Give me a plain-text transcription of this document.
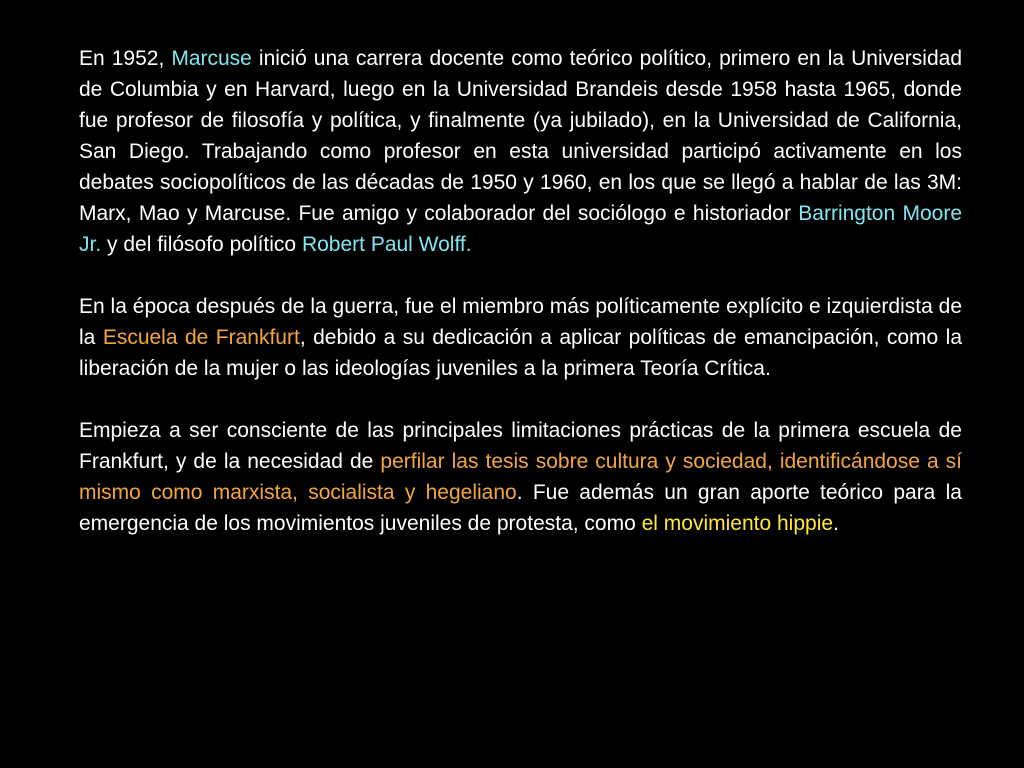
En 1952, Marcuse inició una carrera docente como teórico político, primero en la Universidad de Columbia y en Harvard, luego en la Universidad Brandeis desde 1958 hasta 1965, donde fue profesor de filosofía y política, y finalmente (ya jubilado), en la Universidad de California, San Diego. Trabajando como profesor en esta universidad participó activamente en los debates sociopolíticos de las décadas de 1950 y 1960, en los que se llegó a hablar de las 3M: Marx, Mao y Marcuse. Fue amigo y colaborador del sociólogo e historiador Barrington Moore Jr. y del filósofo político Robert Paul Wolff.

En la época después de la guerra, fue el miembro más políticamente explícito e izquierdista de la Escuela de Frankfurt, debido a su dedicación a aplicar políticas de emancipación, como la liberación de la mujer o las ideologías juveniles a la primera Teoría Crítica.

Empieza a ser consciente de las principales limitaciones prácticas de la primera escuela de Frankfurt, y de la necesidad de perfilar las tesis sobre cultura y sociedad, identificándose a sí mismo como marxista, socialista y hegeliano. Fue además un gran aporte teórico para la emergencia de los movimientos juveniles de protesta, como el movimiento hippie.
